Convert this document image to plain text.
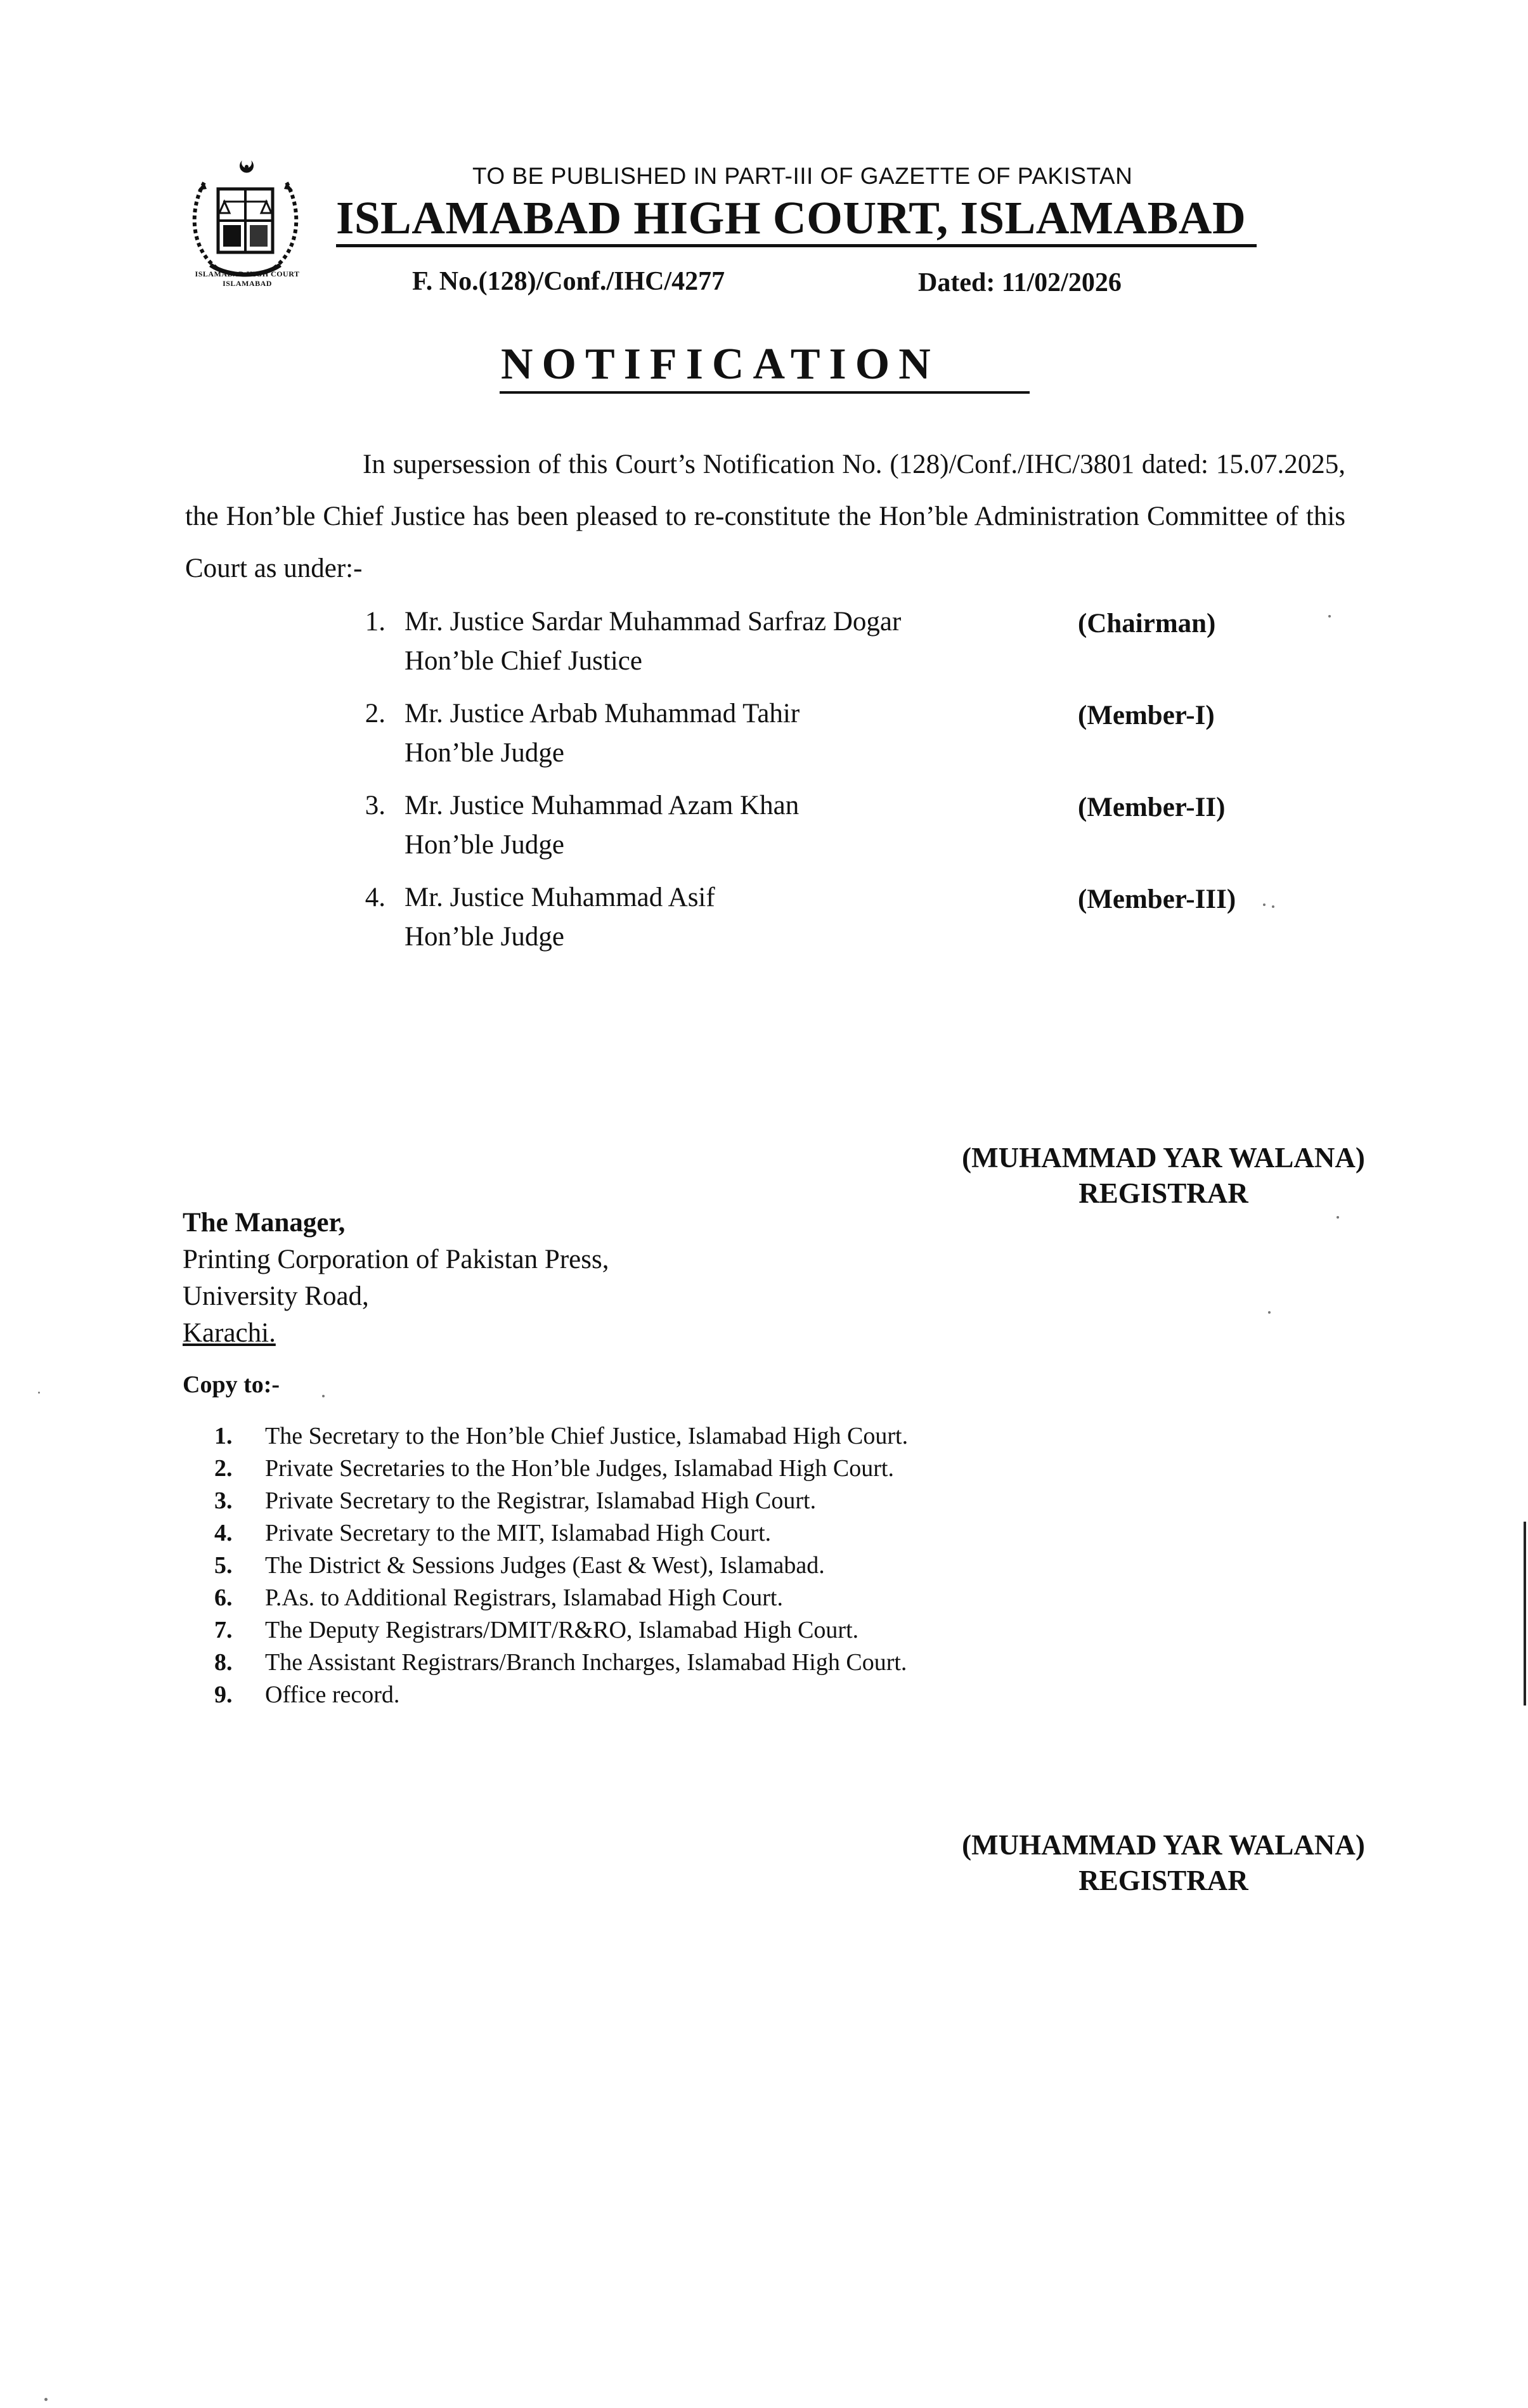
ISLAMABAD HIGH COURT
ISLAMABAD
TO BE PUBLISHED IN PART-III OF GAZETTE OF PAKISTAN
ISLAMABAD HIGH COURT, ISLAMABAD
F. No.(128)/Conf./IHC/4277	Dated: 11/02/2026
NOTIFICATION
In supersession of this Court’s Notification No. (128)/Conf./IHC/3801 dated: 15.07.2025, the Hon’ble Chief Justice has been pleased to re-constitute the Hon’ble Administration Committee of this Court as under:-
1. Mr. Justice Sardar Muhammad Sarfraz Dogar
Hon’ble Chief Justice
(Chairman)
2. Mr. Justice Arbab Muhammad Tahir
Hon’ble Judge
(Member-I)
3. Mr. Justice Muhammad Azam Khan
Hon’ble Judge
(Member-II)
4. Mr. Justice Muhammad Asif
Hon’ble Judge
(Member-III)
(MUHAMMAD YAR WALANA)
REGISTRAR
The Manager,
Printing Corporation of Pakistan Press,
University Road,
Karachi.
Copy to:-
1. The Secretary to the Hon’ble Chief Justice, Islamabad High Court.
2. Private Secretaries to the Hon’ble Judges, Islamabad High Court.
3. Private Secretary to the Registrar, Islamabad High Court.
4. Private Secretary to the MIT, Islamabad High Court.
5. The District & Sessions Judges (East & West), Islamabad.
6. P.As. to Additional Registrars, Islamabad High Court.
7. The Deputy Registrars/DMIT/R&RO, Islamabad High Court.
8. The Assistant Registrars/Branch Incharges, Islamabad High Court.
9. Office record.
(MUHAMMAD YAR WALANA)
REGISTRAR
